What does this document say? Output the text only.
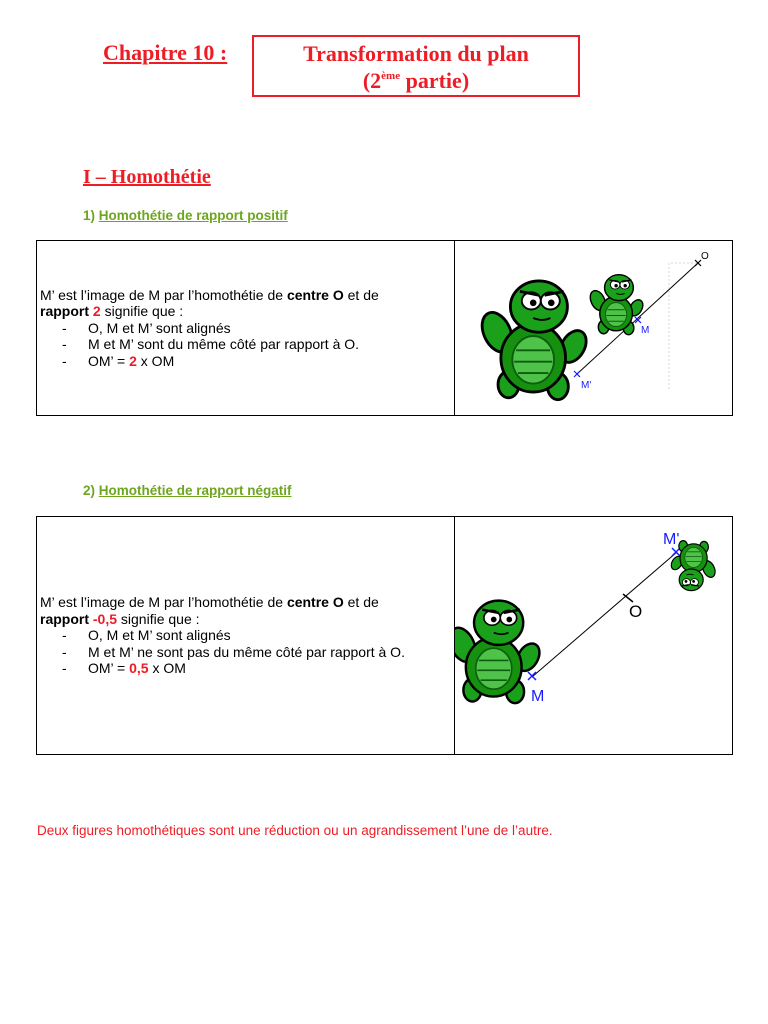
Chapitre 10 :	Transformation du plan
(2ème partie)
I – Homothétie
1) Homothétie de rapport positif
M’ est l’image de M par l’homothétie de centre O et de
rapport 2 signifie que :
- O, M et M’ sont alignés
- M et M’ sont du même côté par rapport à O.
- OM’ = 2 x OM
O
M
M'
2) Homothétie de rapport négatif
M’ est l’image de M par l’homothétie de centre O et de
rapport -0,5 signifie que :
- O, M et M’ sont alignés
- M et M’ ne sont pas du même côté par rapport à O.
- OM’ = 0,5 x OM
O
M
M'
Deux figures homothétiques sont une réduction ou un agrandissement l’une de l’autre.
